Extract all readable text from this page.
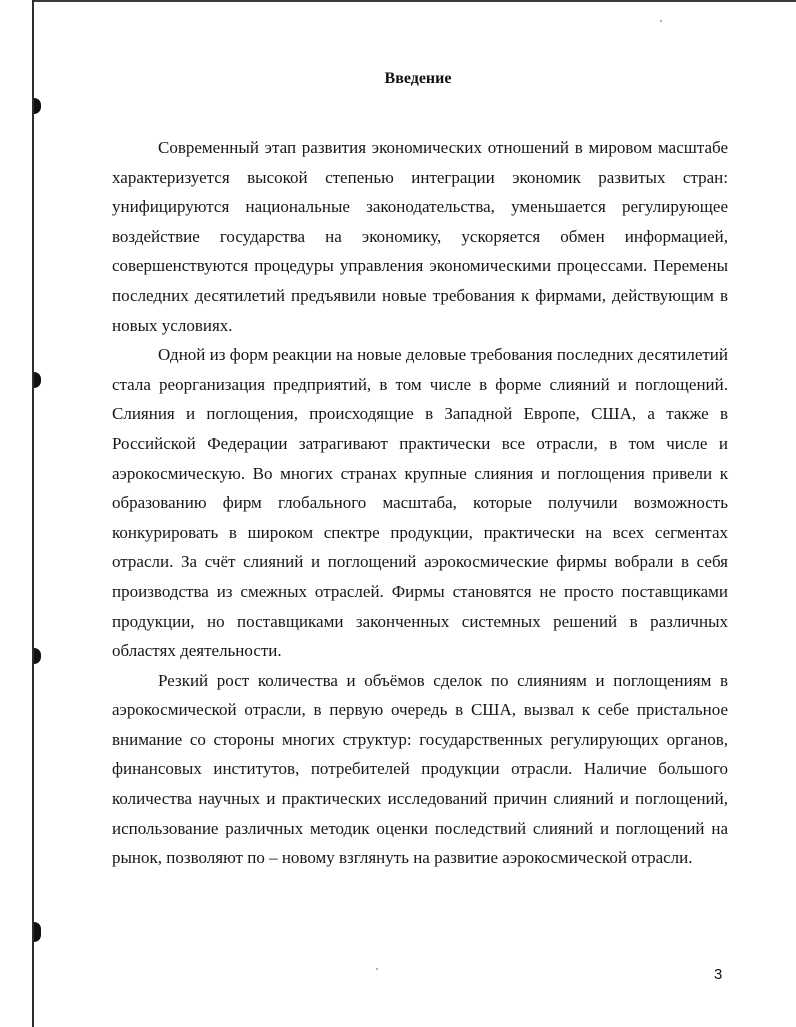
Введение

Современный этап развития экономических отношений в мировом масштабе характеризуется высокой степенью интеграции экономик развитых стран: унифицируются национальные законодательства, уменьшается регулирующее воздействие государства на экономику, ускоряется обмен информацией, совершенствуются процедуры управления экономическими процессами. Перемены последних десятилетий предъявили новые требования к фирмами, действующим в новых условиях.

Одной из форм реакции на новые деловые требования последних десятилетий стала реорганизация предприятий, в том числе в форме слияний и поглощений. Слияния и поглощения, происходящие в Западной Европе, США, а также в Российской Федерации затрагивают практически все отрасли, в том числе и аэрокосмическую. Во многих странах крупные слияния и поглощения привели к образованию фирм глобального масштаба, которые получили возможность конкурировать в широком спектре продукции, практически на всех сегментах отрасли. За счёт слияний и поглощений аэрокосмические фирмы вобрали в себя производства из смежных отраслей. Фирмы становятся не просто поставщиками продукции, но поставщиками законченных системных решений в различных областях деятельности.

Резкий рост количества и объёмов сделок по слияниям и поглощениям в аэрокосмической отрасли, в первую очередь в США, вызвал к себе пристальное внимание со стороны многих структур: государственных регулирующих органов, финансовых институтов, потребителей продукции отрасли. Наличие большого количества научных и практических исследований причин слияний и поглощений, использование различных методик оценки последствий слияний и поглощений на рынок, позволяют по – новому взглянуть на развитие аэрокосмической отрасли.

3
